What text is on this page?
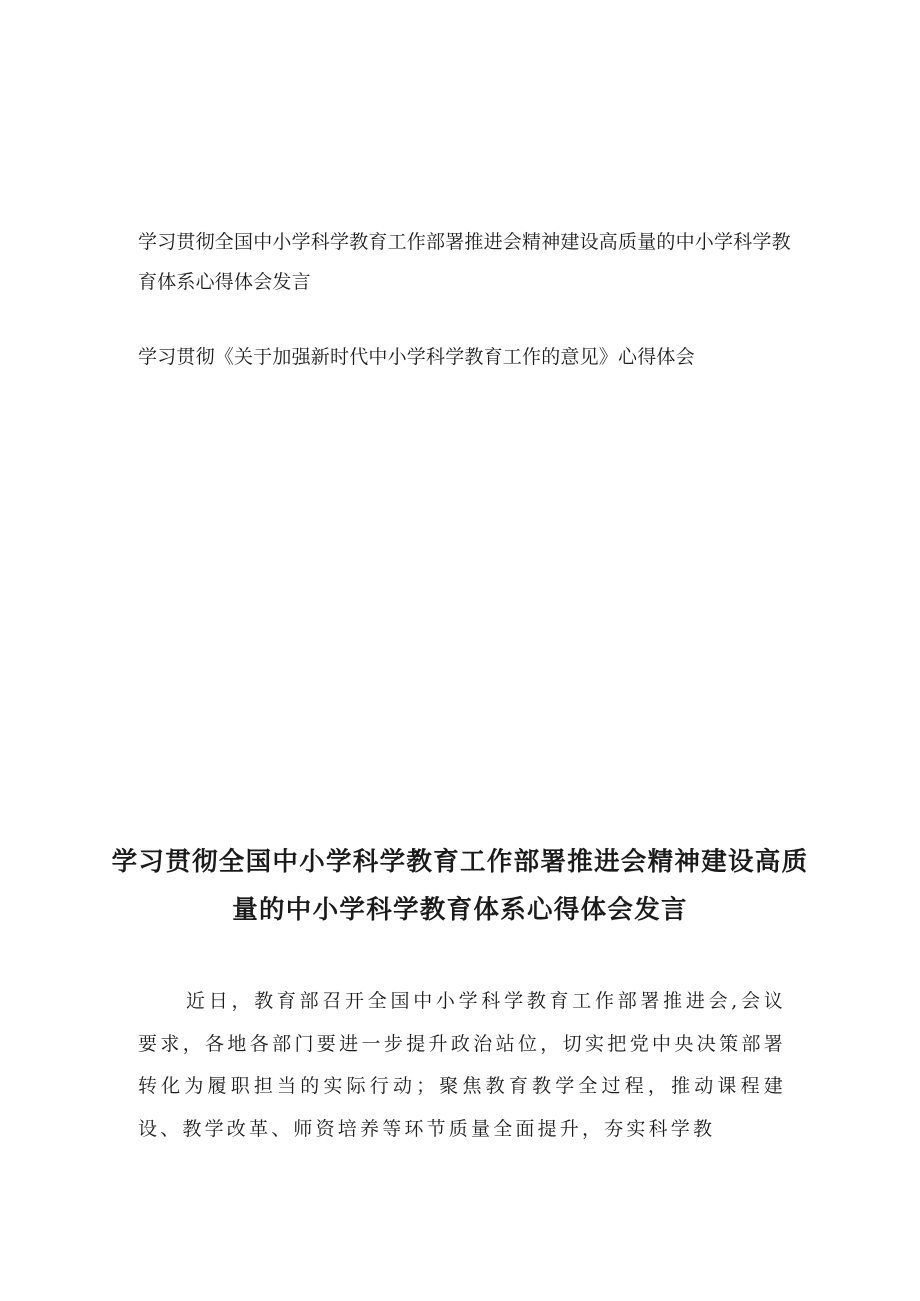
学习贯彻全国中小学科学教育工作部署推进会精神建设高质量的中小学科学教育体系心得体会发言

学习贯彻《关于加强新时代中小学科学教育工作的意见》心得体会

学习贯彻全国中小学科学教育工作部署推进会精神建设高质量的中小学科学教育体系心得体会发言

近日，教育部召开全国中小学科学教育工作部署推进会,会议要求，各地各部门要进一步提升政治站位，切实把党中央决策部署转化为履职担当的实际行动；聚焦教育教学全过程，推动课程建设、教学改革、师资培养等环节质量全面提升，夯实科学教
